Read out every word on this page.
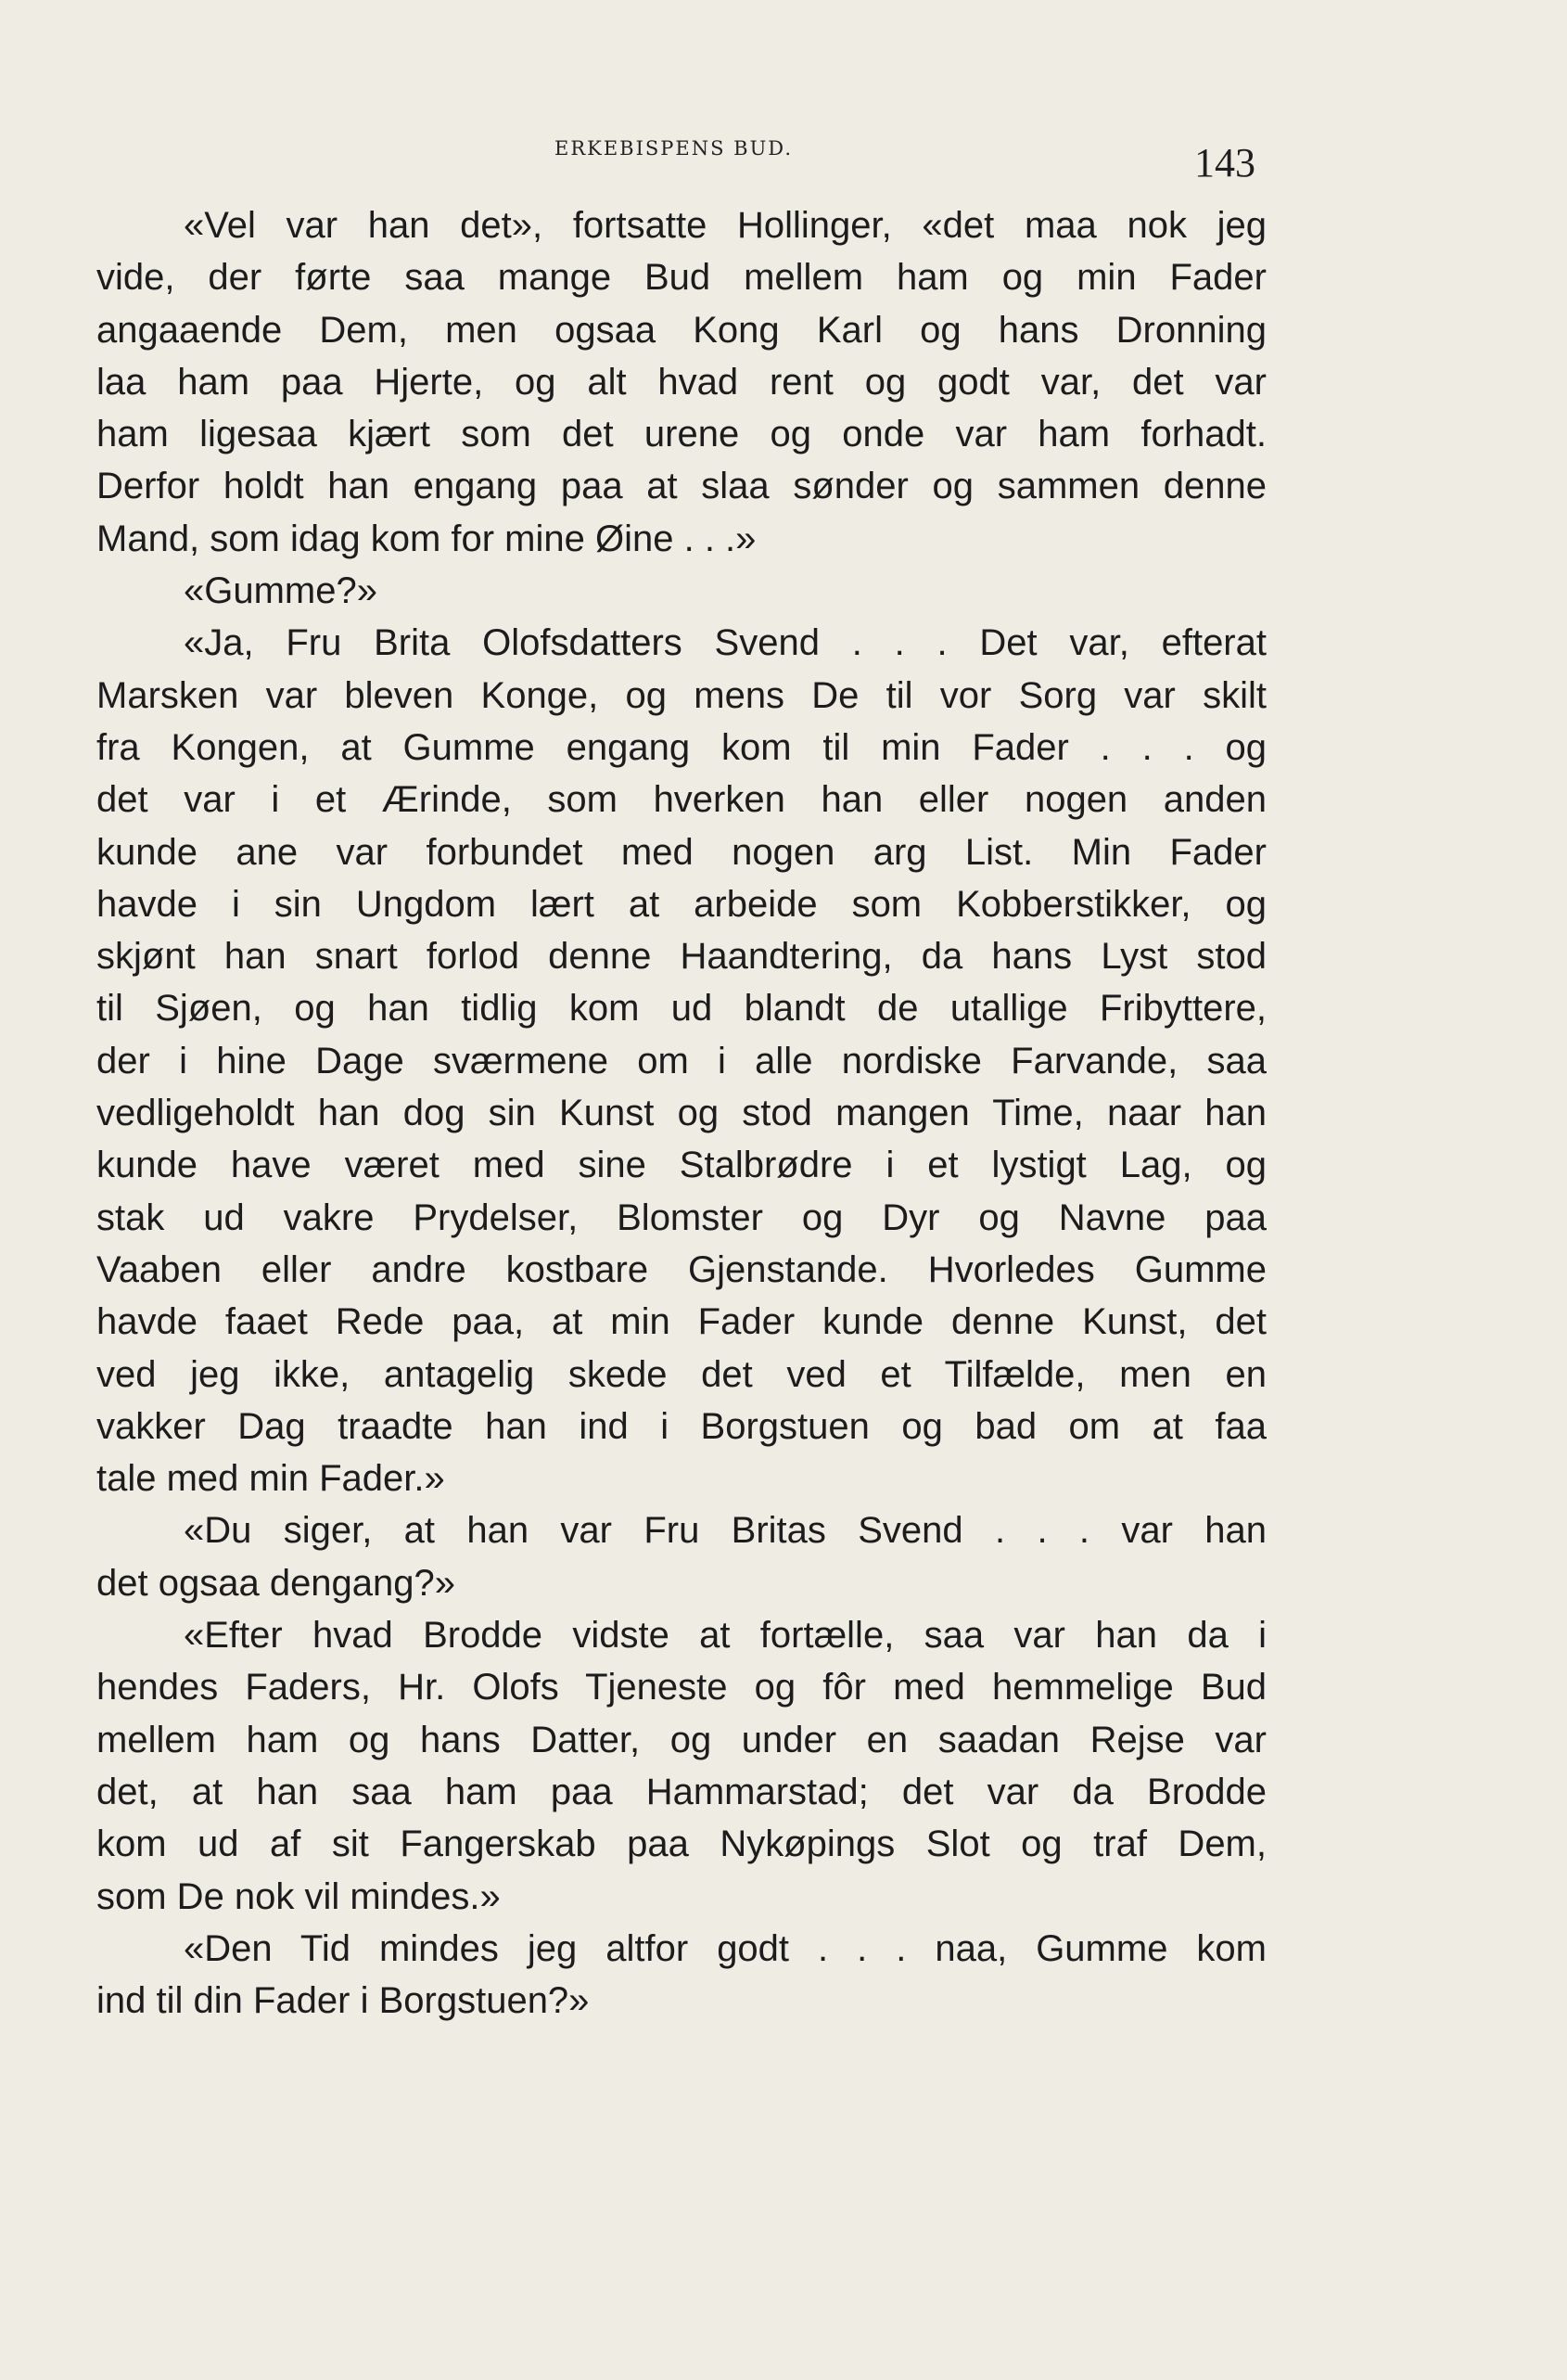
ERKEBISPENS BUD.	143
«Vel var han det», fortsatte Hollinger, «det maa nok jeg
vide, der førte saa mange Bud mellem ham og min Fader
angaaende Dem, men ogsaa Kong Karl og hans Dronning
laa ham paa Hjerte, og alt hvad rent og godt var, det var
ham ligesaa kjært som det urene og onde var ham forhadt.
Derfor holdt han engang paa at slaa sønder og sammen denne
Mand, som idag kom for mine Øine . . .»
«Gumme?»
«Ja, Fru Brita Olofsdatters Svend . . . Det var, efterat
Marsken var bleven Konge, og mens De til vor Sorg var skilt
fra Kongen, at Gumme engang kom til min Fader . . . og
det var i et Ærinde, som hverken han eller nogen anden
kunde ane var forbundet med nogen arg List. Min Fader
havde i sin Ungdom lært at arbeide som Kobberstikker, og
skjønt han snart forlod denne Haandtering, da hans Lyst stod
til Sjøen, og han tidlig kom ud blandt de utallige Fribyttere,
der i hine Dage sværmene om i alle nordiske Farvande, saa
vedligeholdt han dog sin Kunst og stod mangen Time, naar han
kunde have været med sine Stalbrødre i et lystigt Lag, og
stak ud vakre Prydelser, Blomster og Dyr og Navne paa
Vaaben eller andre kostbare Gjenstande. Hvorledes Gumme
havde faaet Rede paa, at min Fader kunde denne Kunst, det
ved jeg ikke, antagelig skede det ved et Tilfælde, men en
vakker Dag traadte han ind i Borgstuen og bad om at faa
tale med min Fader.»
«Du siger, at han var Fru Britas Svend . . . var han
det ogsaa dengang?»
«Efter hvad Brodde vidste at fortælle, saa var han da i
hendes Faders, Hr. Olofs Tjeneste og fôr med hemmelige Bud
mellem ham og hans Datter, og under en saadan Rejse var
det, at han saa ham paa Hammarstad; det var da Brodde
kom ud af sit Fangerskab paa Nykøpings Slot og traf Dem,
som De nok vil mindes.»
«Den Tid mindes jeg altfor godt . . . naa, Gumme kom
ind til din Fader i Borgstuen?»
